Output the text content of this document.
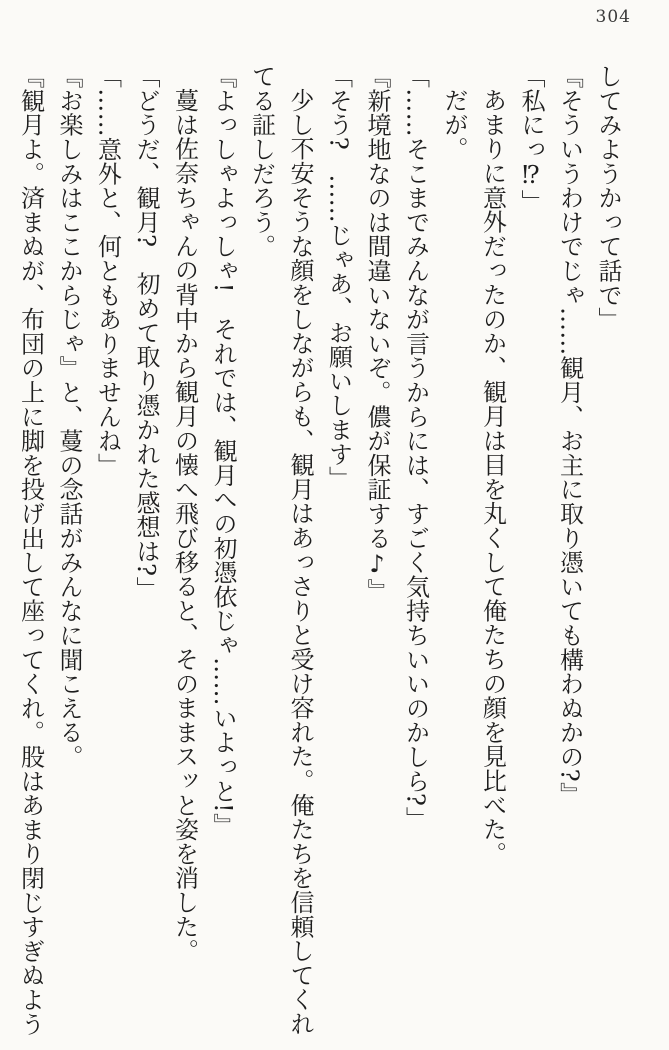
304
してみようかって話で」
『そういうわけでじゃ……観月、お主に取り憑いても構わぬかの?』
「私にっ⁉」
あまりに意外だったのか、観月は目を丸くして俺たちの顔を見比べた。
だが。
「……そこまでみんなが言うからには、すごく気持ちいいのかしら?」
『新境地なのは間違いないぞ。儂が保証する♪』
「そう?　……じゃあ、お願いします」
少し不安そうな顔をしながらも、観月はあっさりと受け容れた。俺たちを信頼してくれ
てる証しだろう。
『よっしゃよっしゃ!　それでは、観月への初憑依じゃ……いよっと!』
蔓は佐奈ちゃんの背中から観月の懐へ飛び移ると、そのままスッと姿を消した。
「どうだ、観月?　初めて取り憑かれた感想は?」
「……意外と、何ともありませんね」
『お楽しみはここからじゃ』と、蔓の念話がみんなに聞こえる。
『観月よ。済まぬが、布団の上に脚を投げ出して座ってくれ。股はあまり閉じすぎぬよう
